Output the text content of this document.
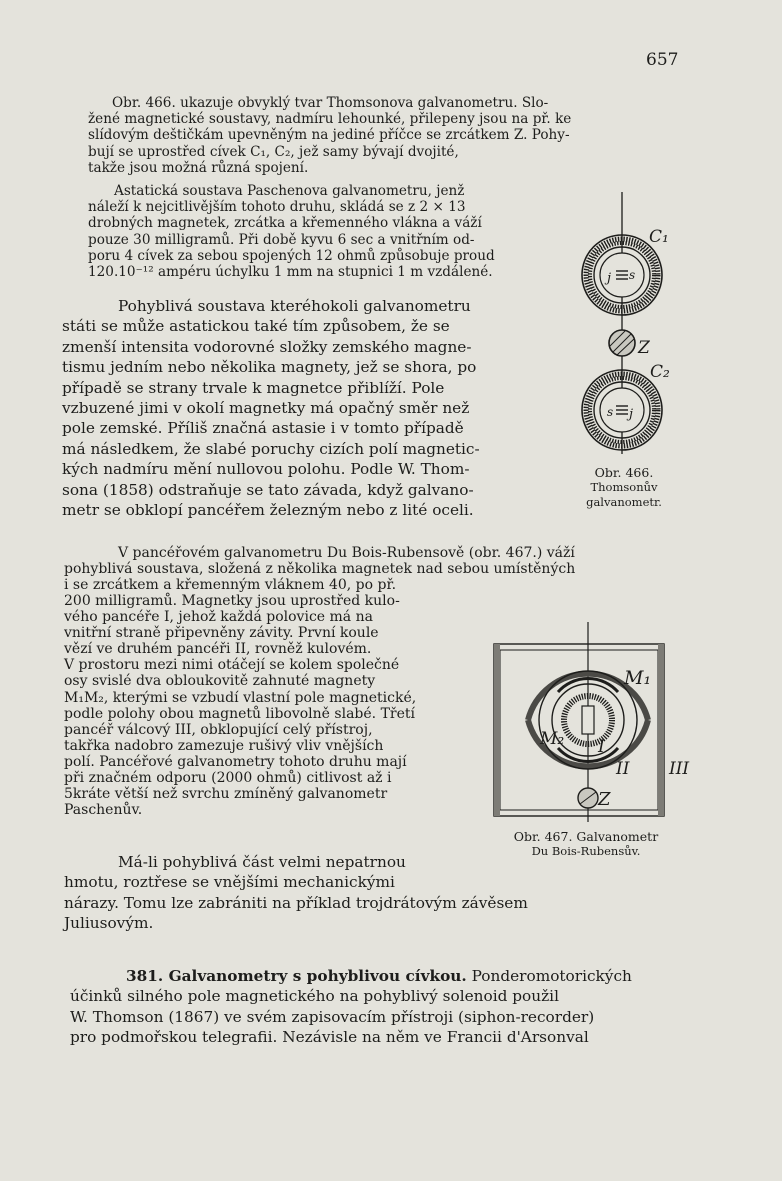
657
Obr. 466. ukazuje obvyklý tvar Thomsonova galvanometru. Slo-
žené magnetické soustavy, nadmíru lehounké, přilepeny jsou na př. ke
slídovým deštičkám upevněným na jediné příčce se zrcátkem Z. Pohy-
bují se uprostřed cívek C₁, C₂, jež samy bývají dvojité,
takže jsou možná různá spojení.
Astatická soustava Paschenova galvanometru, jenž
náleží k nejcitlivějším tohoto druhu, skládá se z 2 × 13
drobných magnetek, zrcátka a křemenného vlákna a váží
pouze 30 milligramů. Při době kyvu 6 sec a vnitřním od-
poru 4 cívek za sebou spojených 12 ohmů způsobuje proud
120.10⁻¹² ampéru úchylku 1 mm na stupnici 1 m vzdálené.
Pohyblivá soustava kteréhokoli galvanometru
státi se může astatickou také tím způsobem, že se
zmenší intensita vodorovné složky zemského magne-
tismu jedním nebo několika magnety, jež se shora, po
případě se strany trvale k magnetce přiblíží. Pole
vzbuzené jimi v okolí magnetky má opačný směr než
pole zemské. Příliš značná astasie i v tomto případě
má následkem, že slabé poruchy cizích polí magnetic-
kých nadmíru mění nullovou polohu. Podle W. Thom-
sona (1858) odstraňuje se tato závada, když galvano-
metr se obklopí pancéřem železným nebo z lité oceli.
C₁
j s
Z
C₂
s j
Obr. 466.
Thomsonův
galvanometr.
V pancéřovém galvanometru Du Bois-Rubensově (obr. 467.) váží
pohyblivá soustava, složená z několika magnetek nad sebou umístěných
i se zrcátkem a křemenným vláknem 40, po př.
200 milligramů. Magnetky jsou uprostřed kulo-
vého pancéře I, jehož každá polovice má na
vnitřní straně připevněny závity. První koule
vězí ve druhém pancéři II, rovněž kulovém.
V prostoru mezi nimi otáčejí se kolem společné
osy svislé dva obloukovitě zahnuté magnety
M₁M₂, kterými se vzbudí vlastní pole magnetické,
podle polohy obou magnetů libovolně slabé. Třetí
pancéř válcový III, obklopující celý přístroj,
takřka nadobro zamezuje rušivý vliv vnějších
polí. Pancéřové galvanometry tohoto druhu mají
při značném odporu (2000 ohmů) citlivost až i
5kráte větší než svrchu zmíněný galvanometr
Paschenův.
M₁
M₂ I
II III
Z
Obr. 467. Galvanometr
Du Bois-Rubensův.
Má-li pohyblivá část velmi nepatrnou
hmotu, roztřese se vnějšími mechanickými
nárazy. Tomu lze zabrániti na příklad trojdrátovým závěsem
Juliusovým.
381. Galvanometry s pohyblivou cívkou. Ponderomotorických
účinků silného pole magnetického na pohyblivý solenoid použil
W. Thomson (1867) ve svém zapisovacím přístroji (siphon-recorder)
pro podmořskou telegrafii. Nezávisle na něm ve Francii d'Arsonval
